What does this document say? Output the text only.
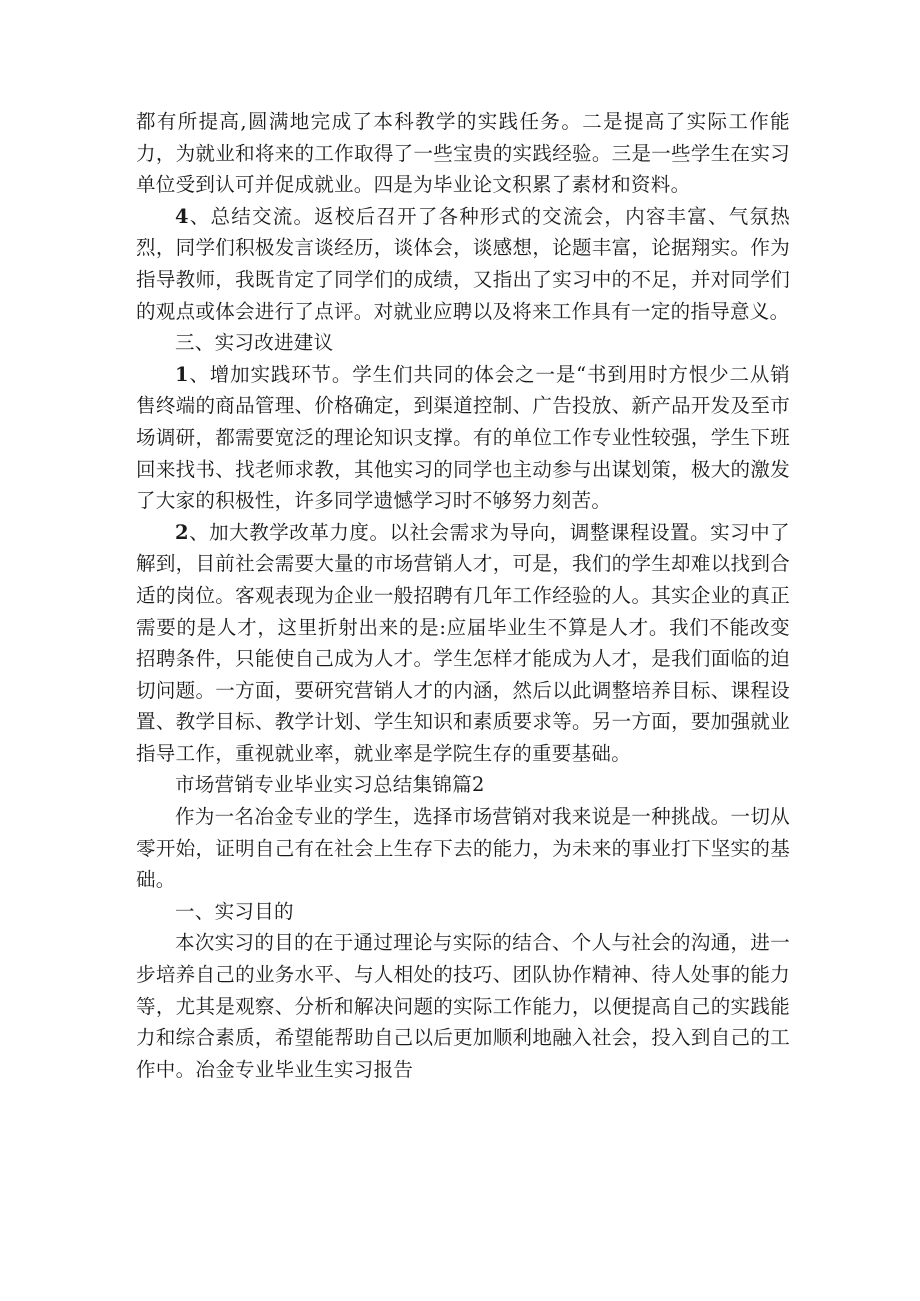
都有所提高,圆满地完成了本科教学的实践任务。二是提高了实际工作能力，为就业和将来的工作取得了一些宝贵的实践经验。三是一些学生在实习单位受到认可并促成就业。四是为毕业论文积累了素材和资料。

4、总结交流。返校后召开了各种形式的交流会，内容丰富、气氛热烈，同学们积极发言谈经历，谈体会，谈感想，论题丰富，论据翔实。作为指导教师，我既肯定了同学们的成绩，又指出了实习中的不足，并对同学们的观点或体会进行了点评。对就业应聘以及将来工作具有一定的指导意义。

三、实习改进建议

1、增加实践环节。学生们共同的体会之一是“书到用时方恨少二从销售终端的商品管理、价格确定，到渠道控制、广告投放、新产品开发及至市场调研，都需要宽泛的理论知识支撑。有的单位工作专业性较强，学生下班回来找书、找老师求教，其他实习的同学也主动参与出谋划策，极大的激发了大家的积极性，许多同学遗憾学习时不够努力刻苦。

2、加大教学改革力度。以社会需求为导向，调整课程设置。实习中了解到，目前社会需要大量的市场营销人才，可是，我们的学生却难以找到合适的岗位。客观表现为企业一般招聘有几年工作经验的人。其实企业的真正需要的是人才，这里折射出来的是:应届毕业生不算是人才。我们不能改变招聘条件，只能使自己成为人才。学生怎样才能成为人才，是我们面临的迫切问题。一方面，要研究营销人才的内涵，然后以此调整培养目标、课程设置、教学目标、教学计划、学生知识和素质要求等。另一方面，要加强就业指导工作，重视就业率，就业率是学院生存的重要基础。

市场营销专业毕业实习总结集锦篇2

作为一名冶金专业的学生，选择市场营销对我来说是一种挑战。一切从零开始，证明自己有在社会上生存下去的能力，为未来的事业打下坚实的基础。

一、实习目的

本次实习的目的在于通过理论与实际的结合、个人与社会的沟通，进一步培养自己的业务水平、与人相处的技巧、团队协作精神、待人处事的能力等，尤其是观察、分析和解决问题的实际工作能力，以便提高自己的实践能力和综合素质，希望能帮助自己以后更加顺利地融入社会，投入到自己的工作中。冶金专业毕业生实习报告
